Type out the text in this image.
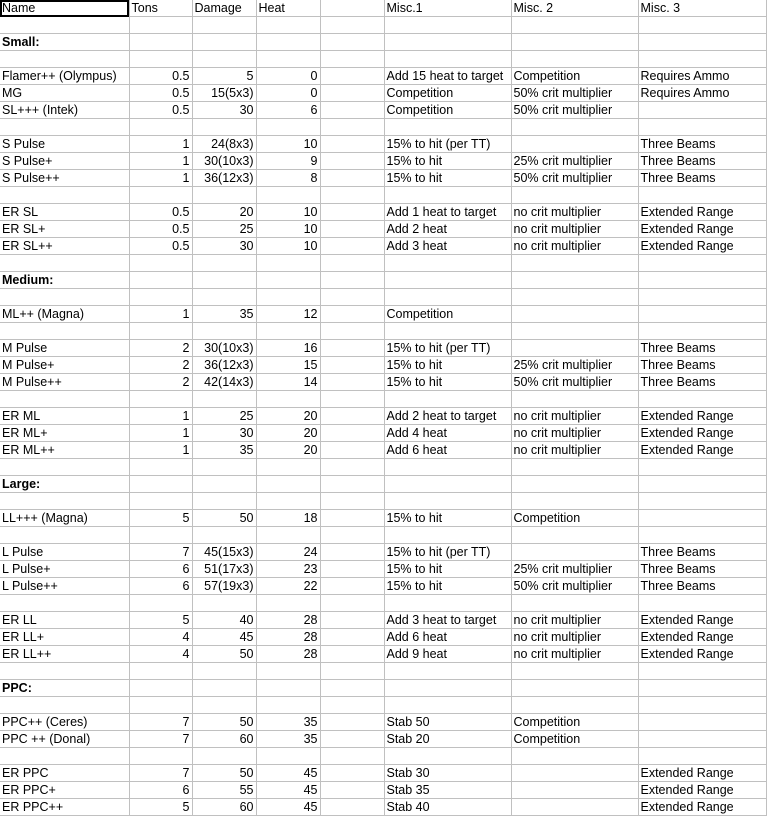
Name	Tons	Damage	Heat		Misc.1	Misc. 2	Misc. 3

Small:							

Flamer++ (Olympus)	0.5	5	0		Add 15 heat to target	Competition	Requires Ammo
MG	0.5	15(5x3)	0		Competition	50% crit multiplier	Requires Ammo
SL+++ (Intek)	0.5	30	6		Competition	50% crit multiplier	

S Pulse	1	24(8x3)	10		15% to hit (per TT)		Three Beams
S Pulse+	1	30(10x3)	9		15% to hit	25% crit multiplier	Three Beams
S Pulse++	1	36(12x3)	8		15% to hit	50% crit multiplier	Three Beams

ER SL	0.5	20	10		Add 1 heat to target	no crit multiplier	Extended Range
ER SL+	0.5	25	10		Add 2 heat	no crit multiplier	Extended Range
ER SL++	0.5	30	10		Add 3 heat	no crit multiplier	Extended Range

Medium:							

ML++ (Magna)	1	35	12		Competition		

M Pulse	2	30(10x3)	16		15% to hit (per TT)		Three Beams
M Pulse+	2	36(12x3)	15		15% to hit	25% crit multiplier	Three Beams
M Pulse++	2	42(14x3)	14		15% to hit	50% crit multiplier	Three Beams

ER ML	1	25	20		Add 2 heat to target	no crit multiplier	Extended Range
ER ML+	1	30	20		Add 4 heat	no crit multiplier	Extended Range
ER ML++	1	35	20		Add 6 heat	no crit multiplier	Extended Range

Large:							

LL+++ (Magna)	5	50	18		15% to hit	Competition	

L Pulse	7	45(15x3)	24		15% to hit (per TT)		Three Beams
L Pulse+	6	51(17x3)	23		15% to hit	25% crit multiplier	Three Beams
L Pulse++	6	57(19x3)	22		15% to hit	50% crit multiplier	Three Beams

ER LL	5	40	28		Add 3 heat to target	no crit multiplier	Extended Range
ER LL+	4	45	28		Add 6 heat	no crit multiplier	Extended Range
ER LL++	4	50	28		Add 9 heat	no crit multiplier	Extended Range

PPC:							

PPC++ (Ceres)	7	50	35		Stab 50	Competition	
PPC ++ (Donal)	7	60	35		Stab 20	Competition	

ER PPC	7	50	45		Stab 30		Extended Range
ER PPC+	6	55	45		Stab 35		Extended Range
ER PPC++	5	60	45		Stab 40		Extended Range
